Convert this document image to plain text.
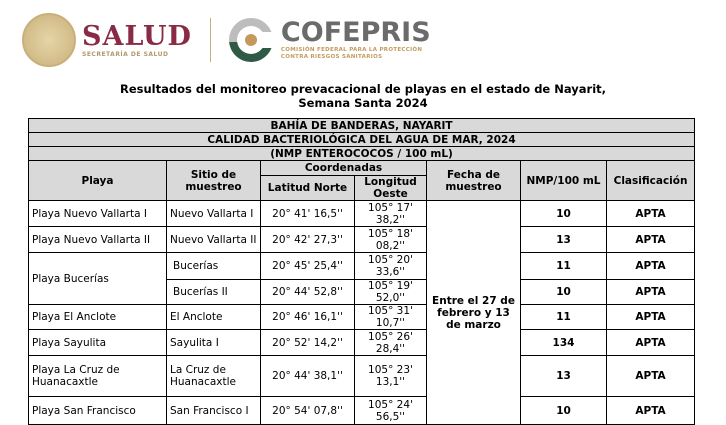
SALUD
SECRETARÍA DE SALUD
COFEPRIS
COMISIÓN FEDERAL PARA LA PROTECCIÓN
CONTRA RIESGOS SANITARIOS
Resultados del monitoreo prevacacional de playas en el estado de Nayarit,
Semana Santa 2024
BAHÍA DE BANDERAS, NAYARIT						
CALIDAD BACTERIOLÓGICA DEL AGUA DE MAR, 2024						
(NMP ENTEROCOCOS / 100 mL)						
Playa	Sitio de muestreo	Coordenadas		Fecha de muestreo	NMP/100 mL	Clasificación
		Latitud Norte	Longitud Oeste			
Playa Nuevo Vallarta I	Nuevo Vallarta I	20° 41' 16,5''	105° 17' 38,2''	Entre el 27 de febrero y 13 de marzo	10	APTA
Playa Nuevo Vallarta II	Nuevo Vallarta II	20° 42' 27,3''	105° 18' 08,2''		13	APTA
Playa Bucerías	Bucerías	20° 45' 25,4''	105° 20' 33,6''		11	APTA
	Bucerías II	20° 44' 52,8''	105° 19' 52,0''		10	APTA
Playa El Anclote	El Anclote	20° 46' 16,1''	105° 31' 10,7''		11	APTA
Playa Sayulita	Sayulita I	20° 52' 14,2''	105° 26' 28,4''		134	APTA
Playa La Cruz de Huanacaxtle	La Cruz de Huanacaxtle	20° 44' 38,1''	105° 23' 13,1''		13	APTA
Playa San Francisco	San Francisco I	20° 54' 07,8''	105° 24' 56,5''		10	APTA
